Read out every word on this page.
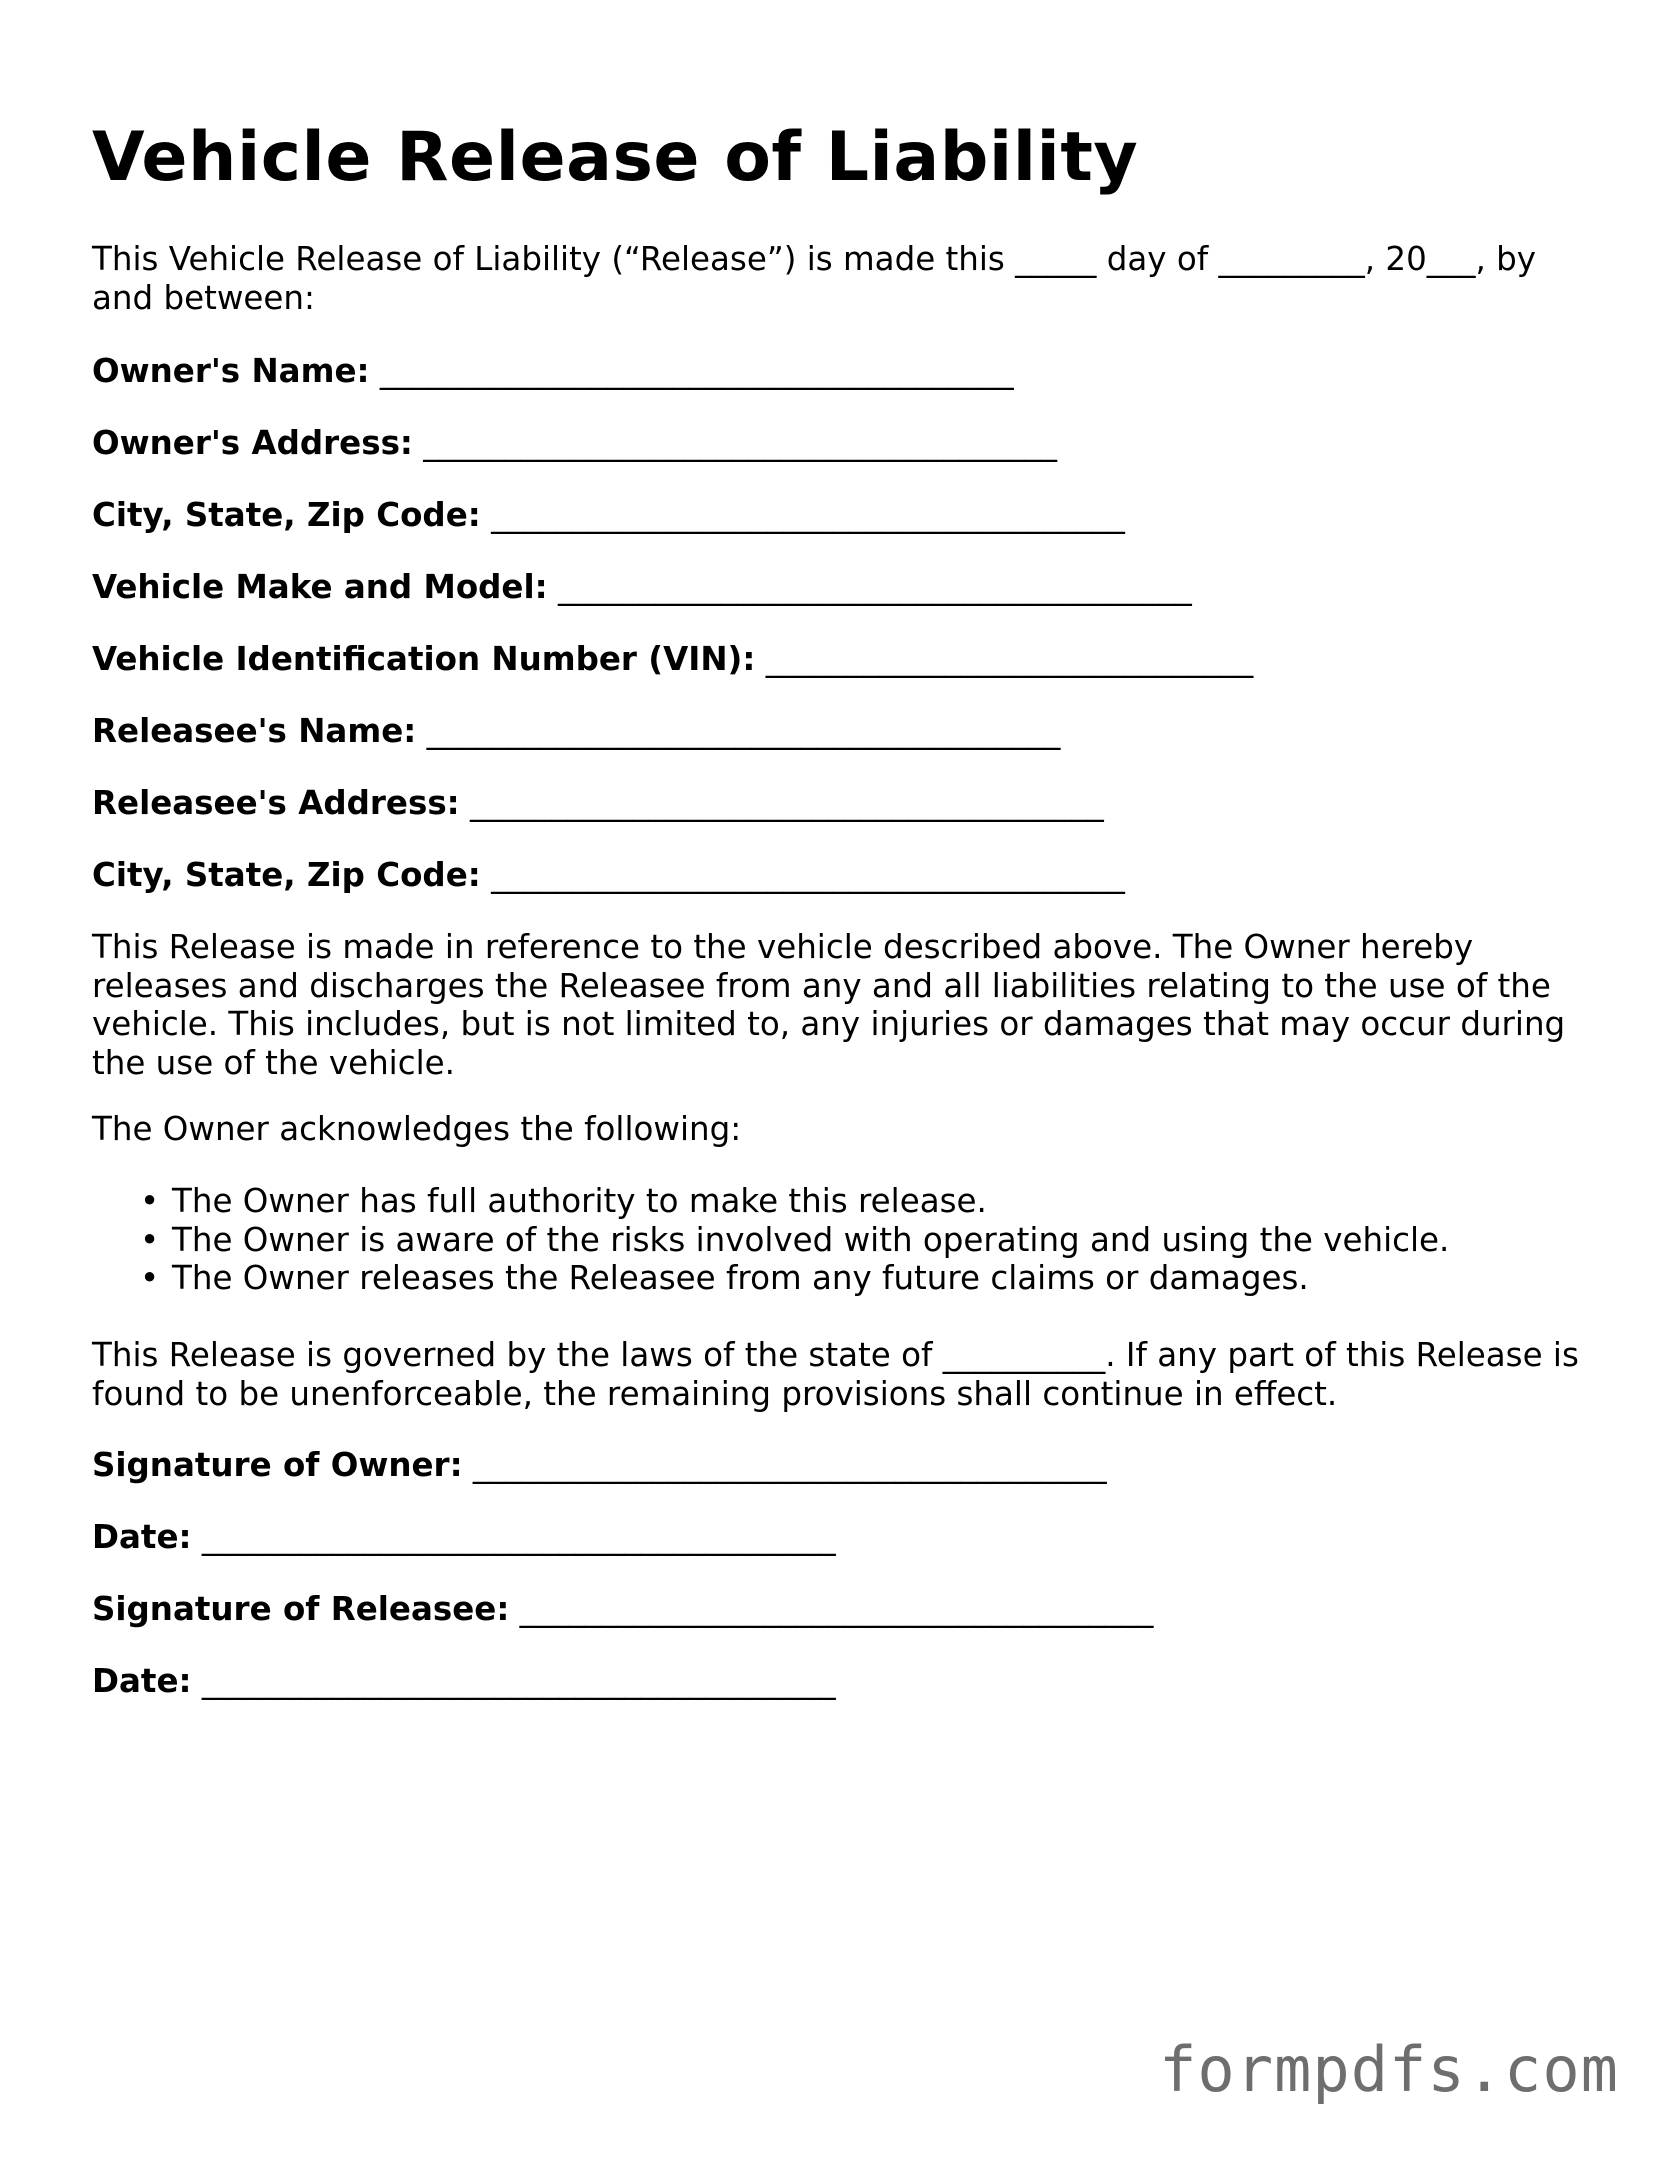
Vehicle Release of Liability
This Vehicle Release of Liability (“Release”) is made this _____ day of _________, 20___, by and between:
Owner's Name: _______________________________________
Owner's Address: _______________________________________
City, State, Zip Code: _______________________________________
Vehicle Make and Model: _______________________________________
Vehicle Identification Number (VIN): ______________________________
Releasee's Name: _______________________________________
Releasee's Address: _______________________________________
City, State, Zip Code: _______________________________________
This Release is made in reference to the vehicle described above. The Owner hereby releases and discharges the Releasee from any and all liabilities relating to the use of the vehicle. This includes, but is not limited to, any injuries or damages that may occur during the use of the vehicle.
The Owner acknowledges the following:
• The Owner has full authority to make this release.
• The Owner is aware of the risks involved with operating and using the vehicle.
• The Owner releases the Releasee from any future claims or damages.
This Release is governed by the laws of the state of __________. If any part of this Release is found to be unenforceable, the remaining provisions shall continue in effect.
Signature of Owner: _______________________________________
Date: _______________________________________
Signature of Releasee: _______________________________________
Date: _______________________________________
formpdfs.com
